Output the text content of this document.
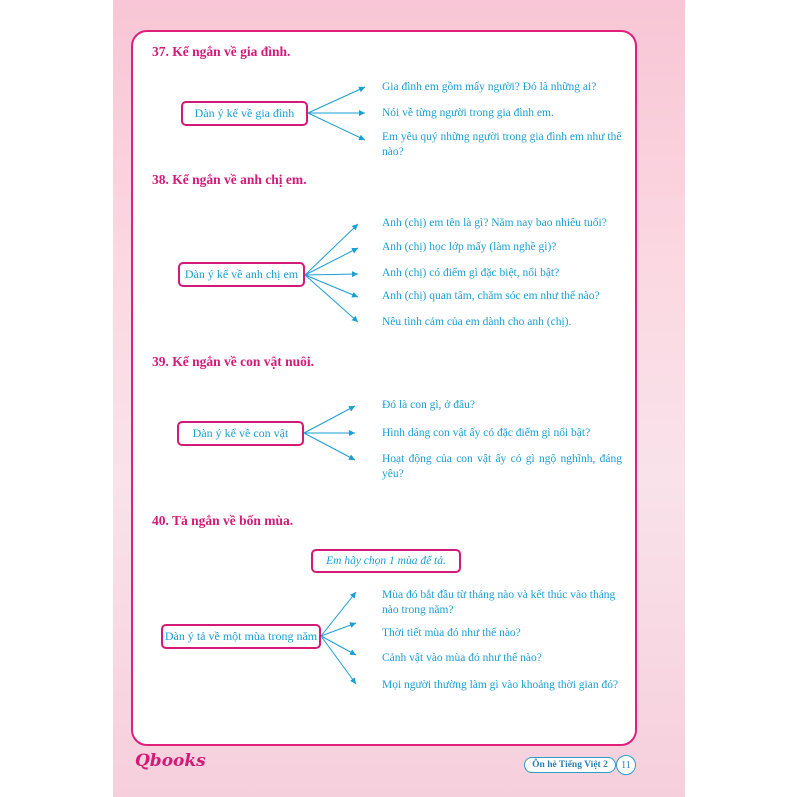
37. Kể ngắn về gia đình.
Dàn ý kể về gia đình
Gia đình em gồm mấy người? Đó là những ai?
Nói về từng người trong gia đình em.
Em yêu quý những người trong gia đình em như thế nào?
38. Kể ngắn về anh chị em.
Dàn ý kể về anh chị em
Anh (chị) em tên là gì? Năm nay bao nhiêu tuổi?
Anh (chị) học lớp mấy (làm nghề gì)?
Anh (chị) có điểm gì đặc biệt, nổi bật?
Anh (chị) quan tâm, chăm sóc em như thế nào?
Nêu tình cảm của em dành cho anh (chị).
39. Kể ngắn về con vật nuôi.
Dàn ý kể về con vật
Đó là con gì, ở đâu?
Hình dáng con vật ấy có đặc điểm gì nổi bật?
Hoạt động của con vật ấy có gì ngộ nghĩnh, đáng yêu?
40. Tả ngắn về bốn mùa.
Em hãy chọn 1 mùa để tả.
Dàn ý tả về một mùa trong năm
Mùa đó bắt đầu từ tháng nào và kết thúc vào tháng nào trong năm?
Thời tiết mùa đó như thế nào?
Cảnh vật vào mùa đó như thế nào?
Mọi người thường làm gì vào khoảng thời gian đó?
Qbooks	Ôn hè Tiếng Việt 2	11
